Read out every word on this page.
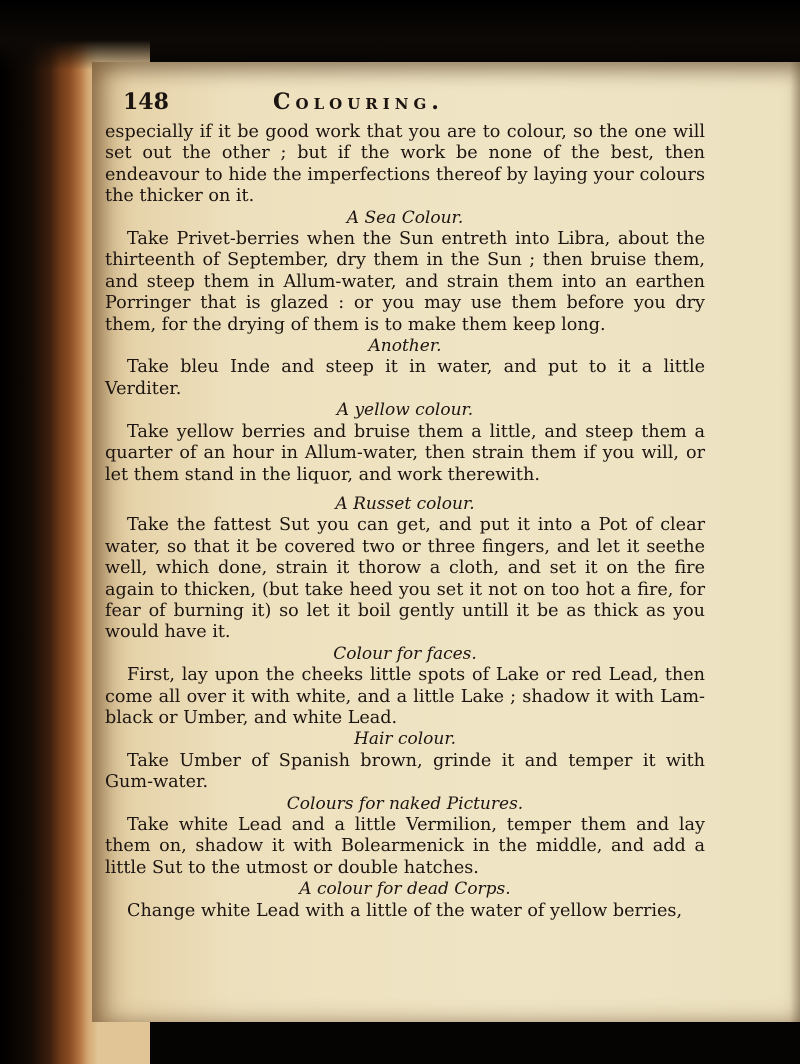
148	Colouring.

especially if it be good work that you are to colour, so the one will set out the other ; but if the work be none of the best, then endeavour to hide the imperfections thereof by laying your colours the thicker on it.

A Sea Colour.

Take Privet-berries when the Sun entreth into Libra, about the thirteenth of September, dry them in the Sun ; then bruise them, and steep them in Allum-water, and strain them into an earthen Porringer that is glazed : or you may use them before you dry them, for the drying of them is to make them keep long.

Another.

Take bleu Inde and steep it in water, and put to it a little Verditer.

A yellow colour.

Take yellow berries and bruise them a little, and steep them a quarter of an hour in Allum-water, then strain them if you will, or let them stand in the liquor, and work therewith.

A Russet colour.

Take the fattest Sut you can get, and put it into a Pot of clear water, so that it be covered two or three fingers, and let it seethe well, which done, strain it thorow a cloth, and set it on the fire again to thicken, (but take heed you set it not on too hot a fire, for fear of burning it) so let it boil gently untill it be as thick as you would have it.

Colour for faces.

First, lay upon the cheeks little spots of Lake or red Lead, then come all over it with white, and a little Lake ; shadow it with Lam-black or Umber, and white Lead.

Hair colour.

Take Umber of Spanish brown, grinde it and temper it with Gum-water.

Colours for naked Pictures.

Take white Lead and a little Vermilion, temper them and lay them on, shadow it with Bolearmenick in the middle, and add a little Sut to the utmost or double hatches.

A colour for dead Corps.

Change white Lead with a little of the water of yellow berries,
